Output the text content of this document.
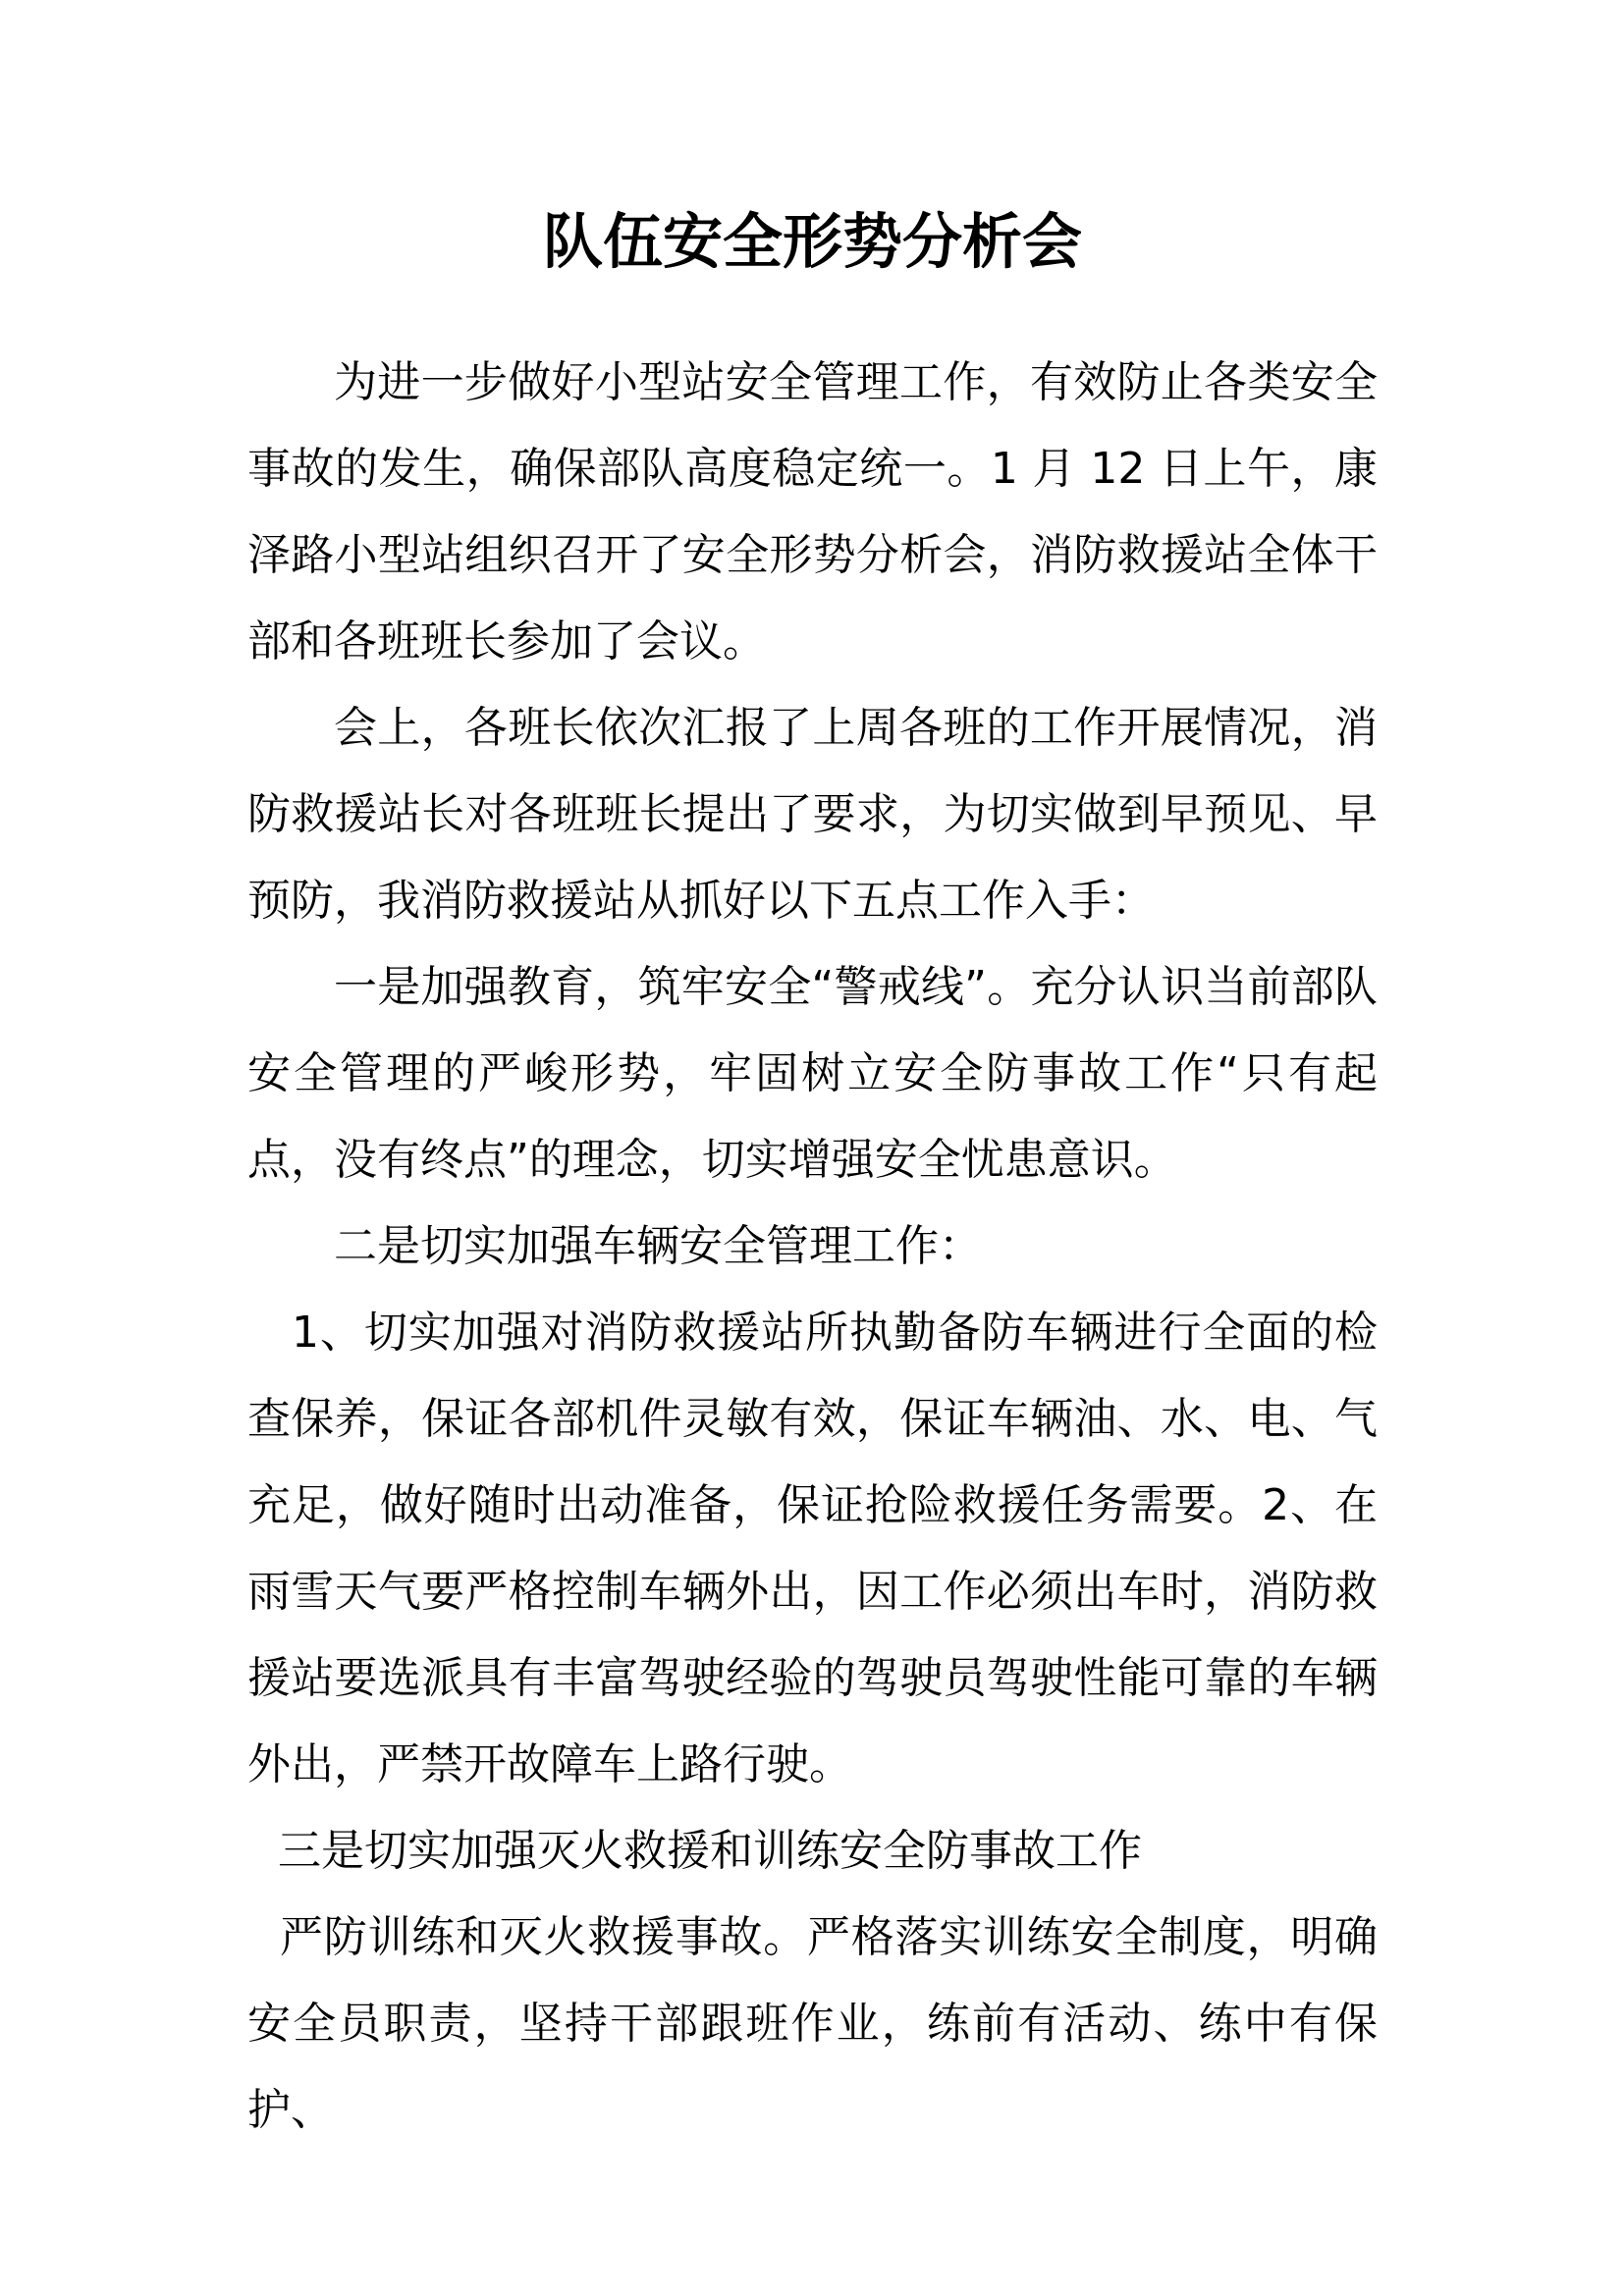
队伍安全形势分析会

为进一步做好小型站安全管理工作，有效防止各类安全事故的发生，确保部队高度稳定统一。1 月 12 日上午，康泽路小型站组织召开了安全形势分析会，消防救援站全体干部和各班班长参加了会议。

会上，各班长依次汇报了上周各班的工作开展情况，消防救援站长对各班班长提出了要求，为切实做到早预见、早预防，我消防救援站从抓好以下五点工作入手：

一是加强教育，筑牢安全“警戒线”。充分认识当前部队安全管理的严峻形势，牢固树立安全防事故工作“只有起点，没有终点”的理念，切实增强安全忧患意识。

二是切实加强车辆安全管理工作：

1、切实加强对消防救援站所执勤备防车辆进行全面的检查保养，保证各部机件灵敏有效，保证车辆油、水、电、气充足，做好随时出动准备，保证抢险救援任务需要。2、在雨雪天气要严格控制车辆外出，因工作必须出车时，消防救援站要选派具有丰富驾驶经验的驾驶员驾驶性能可靠的车辆外出，严禁开故障车上路行驶。

三是切实加强灭火救援和训练安全防事故工作

严防训练和灭火救援事故。严格落实训练安全制度，明确安全员职责，坚持干部跟班作业，练前有活动、练中有保护、
